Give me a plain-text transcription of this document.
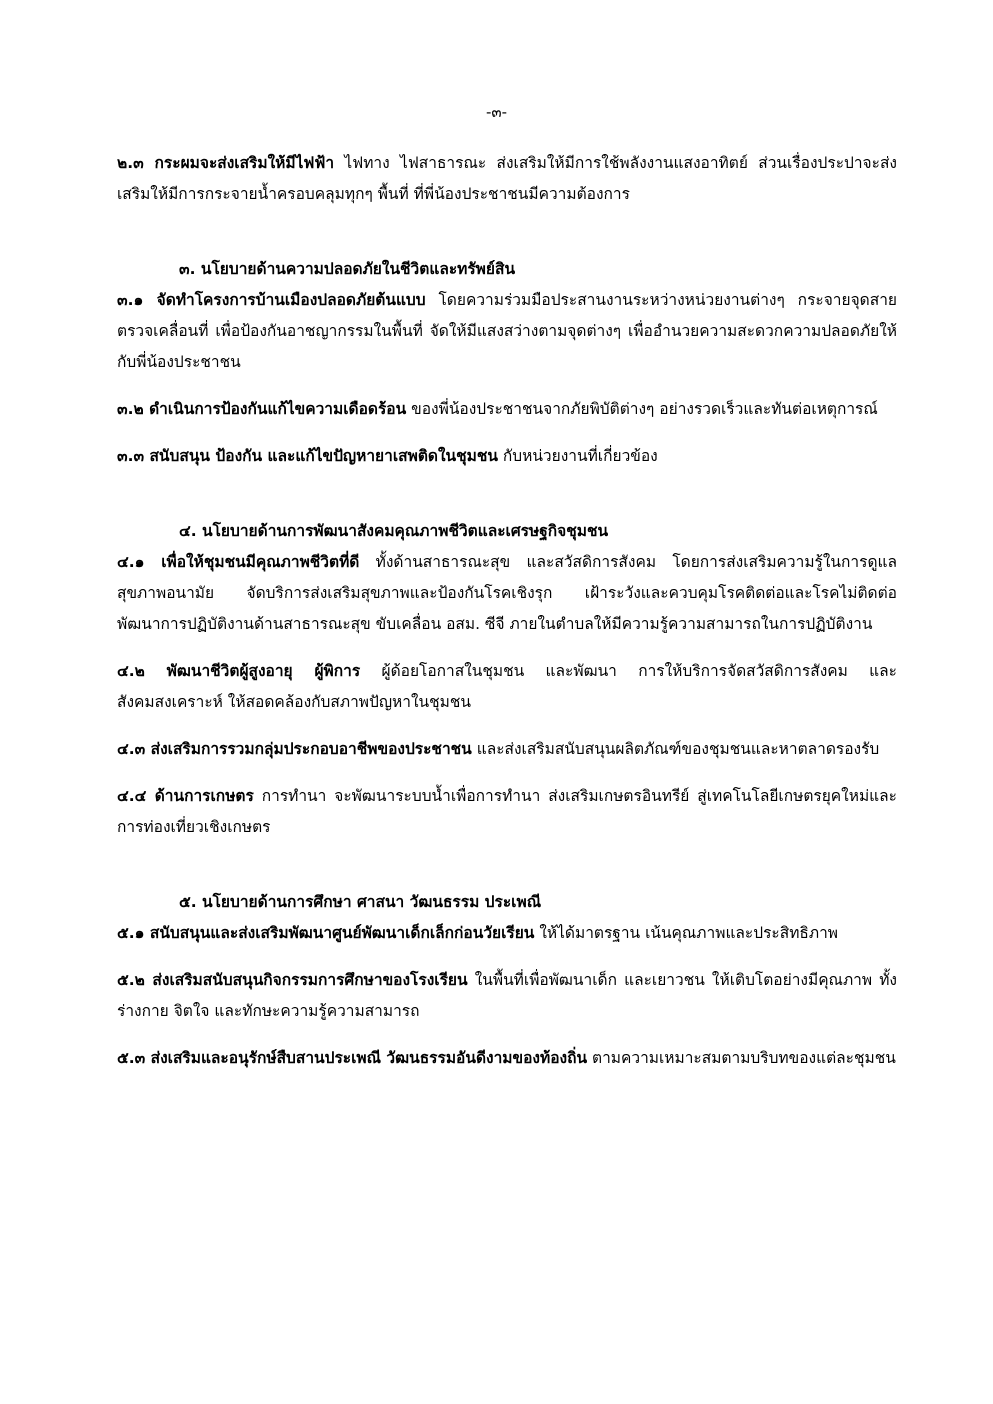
-๓-

๒.๓ กระผมจะส่งเสริมให้มีไฟฟ้า ไฟทาง ไฟสาธารณะ ส่งเสริมให้มีการใช้พลังงานแสงอาทิตย์ ส่วนเรื่องประปาจะส่งเสริมให้มีการกระจายน้ำครอบคลุมทุกๆ พื้นที่ ที่พี่น้องประชาชนมีความต้องการ

๓. นโยบายด้านความปลอดภัยในชีวิตและทรัพย์สิน

๓.๑ จัดทำโครงการบ้านเมืองปลอดภัยต้นแบบ โดยความร่วมมือประสานงานระหว่างหน่วยงานต่างๆ กระจายจุดสายตรวจเคลื่อนที่ เพื่อป้องกันอาชญากรรมในพื้นที่ จัดให้มีแสงสว่างตามจุดต่างๆ เพื่ออำนวยความสะดวกความปลอดภัยให้กับพี่น้องประชาชน

๓.๒ ดำเนินการป้องกันแก้ไขความเดือดร้อน ของพี่น้องประชาชนจากภัยพิบัติต่างๆ อย่างรวดเร็วและทันต่อเหตุการณ์

๓.๓ สนับสนุน ป้องกัน และแก้ไขปัญหายาเสพติดในชุมชน กับหน่วยงานที่เกี่ยวข้อง

๔. นโยบายด้านการพัฒนาสังคมคุณภาพชีวิตและเศรษฐกิจชุมชน

๔.๑ เพื่อให้ชุมชนมีคุณภาพชีวิตที่ดี ทั้งด้านสาธารณะสุข และสวัสดิการสังคม โดยการส่งเสริมความรู้ในการดูแลสุขภาพอนามัย จัดบริการส่งเสริมสุขภาพและป้องกันโรคเชิงรุก เฝ้าระวังและควบคุมโรคติดต่อและโรคไม่ติดต่อพัฒนาการปฏิบัติงานด้านสาธารณะสุข ขับเคลื่อน อสม. ซีจี ภายในตำบลให้มีความรู้ความสามารถในการปฏิบัติงาน

๔.๒ พัฒนาชีวิตผู้สูงอายุ ผู้พิการ ผู้ด้อยโอกาสในชุมชน และพัฒนา การให้บริการจัดสวัสดิการสังคม และสังคมสงเคราะห์ ให้สอดคล้องกับสภาพปัญหาในชุมชน

๔.๓ ส่งเสริมการรวมกลุ่มประกอบอาชีพของประชาชน และส่งเสริมสนับสนุนผลิตภัณฑ์ของชุมชนและหาตลาดรองรับ

๔.๔ ด้านการเกษตร การทำนา จะพัฒนาระบบน้ำเพื่อการทำนา ส่งเสริมเกษตรอินทรีย์ สู่เทคโนโลยีเกษตรยุคใหม่และการท่องเที่ยวเชิงเกษตร

๕. นโยบายด้านการศึกษา ศาสนา วัฒนธรรม ประเพณี

๕.๑ สนับสนุนและส่งเสริมพัฒนาศูนย์พัฒนาเด็กเล็กก่อนวัยเรียน ให้ได้มาตรฐาน เน้นคุณภาพและประสิทธิภาพ

๕.๒ ส่งเสริมสนับสนุนกิจกรรมการศึกษาของโรงเรียน ในพื้นที่เพื่อพัฒนาเด็ก และเยาวชน ให้เติบโตอย่างมีคุณภาพ ทั้งร่างกาย จิตใจ และทักษะความรู้ความสามารถ

๕.๓ ส่งเสริมและอนุรักษ์สืบสานประเพณี วัฒนธรรมอันดีงามของท้องถิ่น ตามความเหมาะสมตามบริบทของแต่ละชุมชน
